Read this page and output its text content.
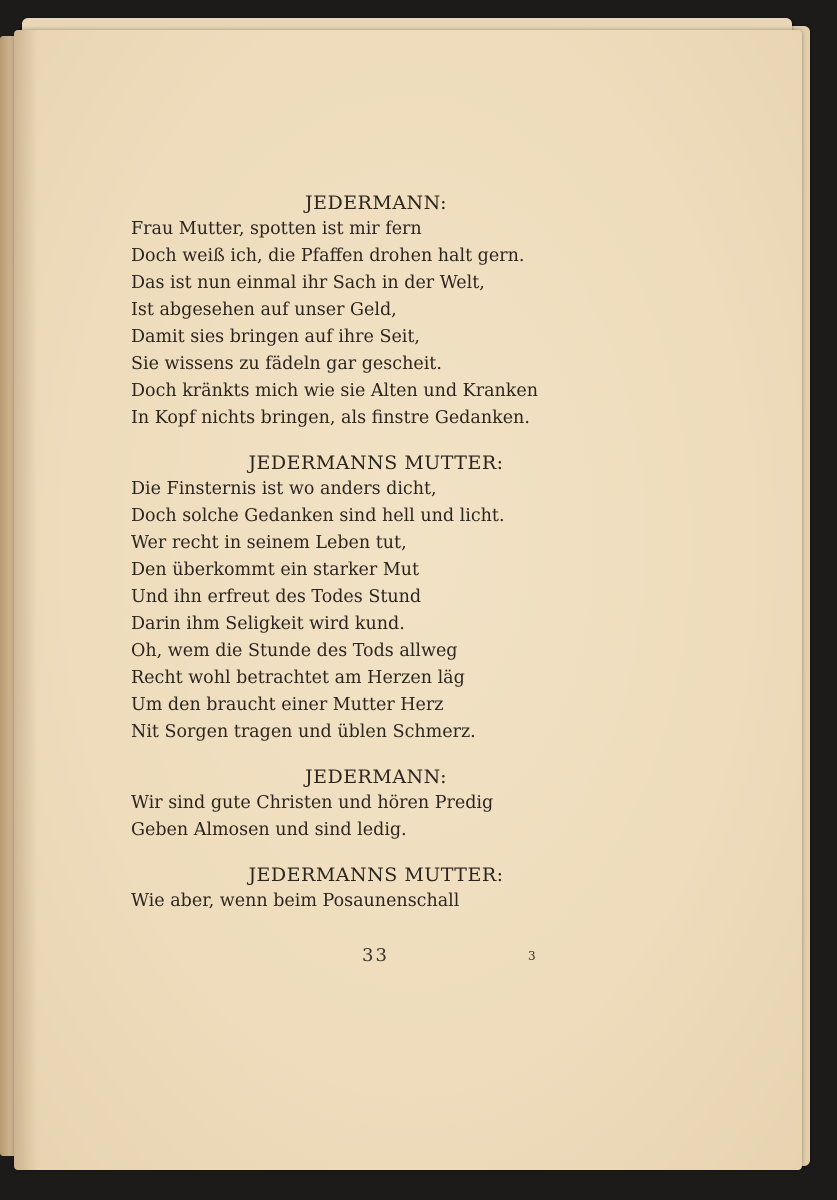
JEDERMANN:
Frau Mutter, spotten ist mir fern
Doch weiß ich, die Pfaffen drohen halt gern.
Das ist nun einmal ihr Sach in der Welt,
Ist abgesehen auf unser Geld,
Damit sies bringen auf ihre Seit,
Sie wissens zu fädeln gar gescheit.
Doch kränkts mich wie sie Alten und Kranken
In Kopf nichts bringen, als finstre Gedanken.
JEDERMANNS MUTTER:
Die Finsternis ist wo anders dicht,
Doch solche Gedanken sind hell und licht.
Wer recht in seinem Leben tut,
Den überkommt ein starker Mut
Und ihn erfreut des Todes Stund
Darin ihm Seligkeit wird kund.
Oh, wem die Stunde des Tods allweg
Recht wohl betrachtet am Herzen läg
Um den braucht einer Mutter Herz
Nit Sorgen tragen und üblen Schmerz.
JEDERMANN:
Wir sind gute Christen und hören Predig
Geben Almosen und sind ledig.
JEDERMANNS MUTTER:
Wie aber, wenn beim Posaunenschall
33	3
